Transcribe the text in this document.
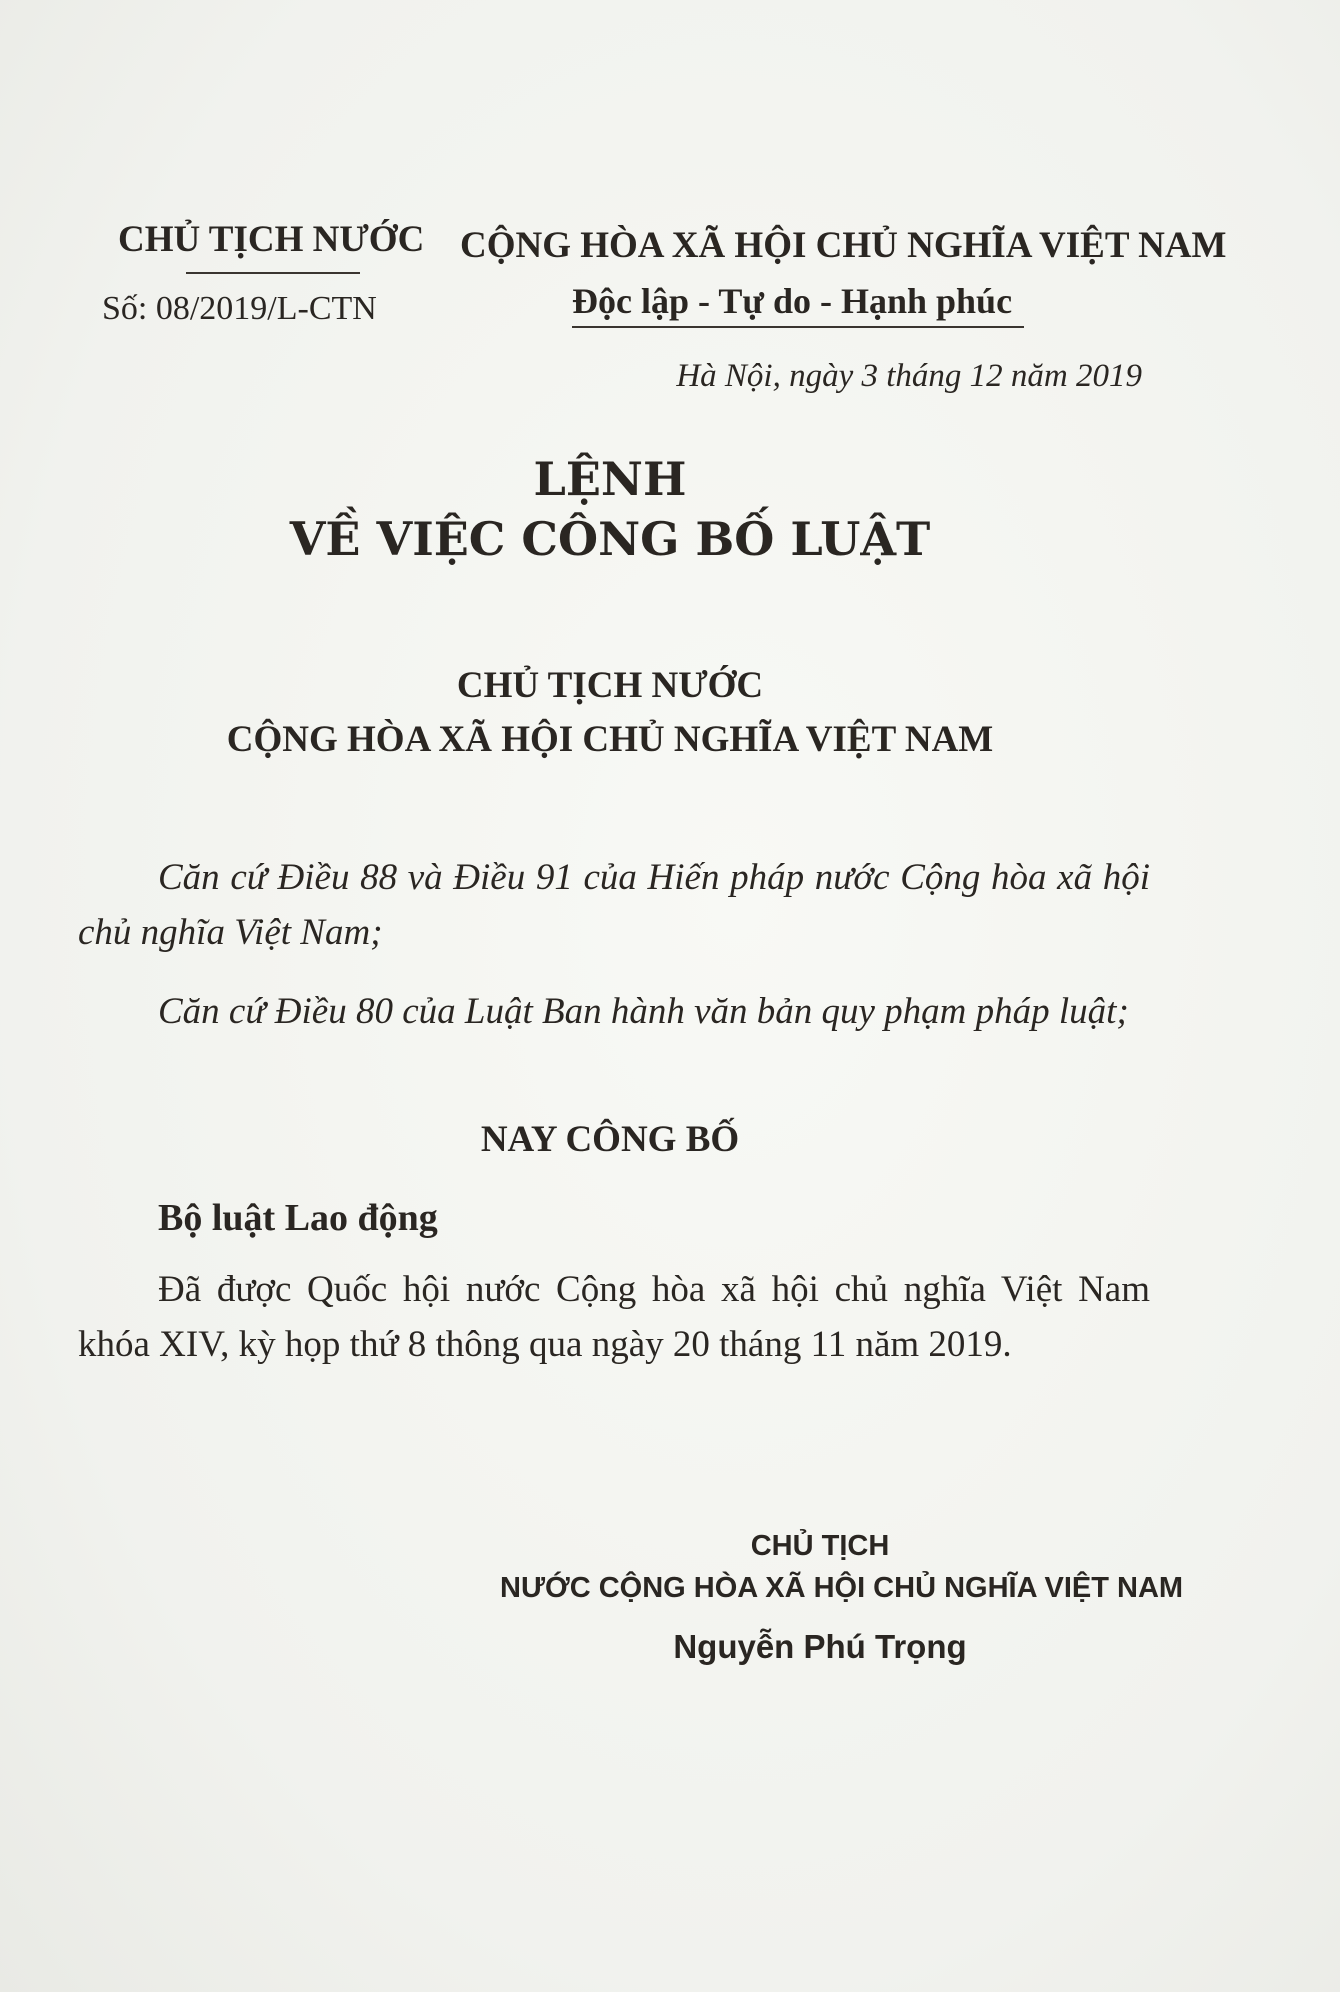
CHỦ TỊCH NƯỚC
Số: 08/2019/L-CTN
CỘNG HÒA XÃ HỘI CHỦ NGHĨA VIỆT NAM
Độc lập - Tự do - Hạnh phúc
Hà Nội, ngày 3 tháng 12 năm 2019
LỆNH
VỀ VIỆC CÔNG BỐ LUẬT
CHỦ TỊCH NƯỚC
CỘNG HÒA XÃ HỘI CHỦ NGHĨA VIỆT NAM

Căn cứ Điều 88 và Điều 91 của Hiến pháp nước Cộng hòa xã hội chủ nghĩa Việt Nam;

Căn cứ Điều 80 của Luật Ban hành văn bản quy phạm pháp luật;

NAY CÔNG BỐ
Bộ luật Lao động

Đã được Quốc hội nước Cộng hòa xã hội chủ nghĩa Việt Nam khóa XIV, kỳ họp thứ 8 thông qua ngày 20 tháng 11 năm 2019.

CHỦ TỊCH
NƯỚC CỘNG HÒA XÃ HỘI CHỦ NGHĨA VIỆT NAM
Nguyễn Phú Trọng
